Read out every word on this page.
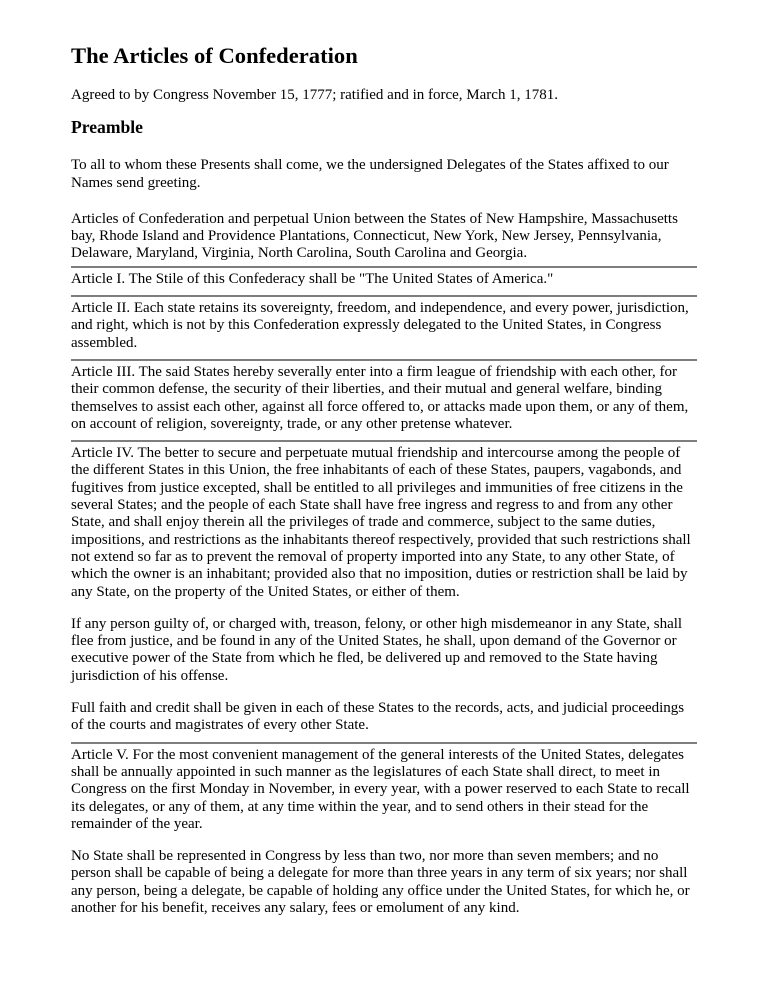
The Articles of Confederation

Agreed to by Congress November 15, 1777; ratified and in force, March 1, 1781.

Preamble

To all to whom these Presents shall come, we the undersigned Delegates of the States affixed to our Names send greeting.

Articles of Confederation and perpetual Union between the States of New Hampshire, Massachusetts bay, Rhode Island and Providence Plantations, Connecticut, New York, New Jersey, Pennsylvania, Delaware, Maryland, Virginia, North Carolina, South Carolina and Georgia.

Article I. The Stile of this Confederacy shall be "The United States of America."

Article II. Each state retains its sovereignty, freedom, and independence, and every power, jurisdiction, and right, which is not by this Confederation expressly delegated to the United States, in Congress assembled.

Article III. The said States hereby severally enter into a firm league of friendship with each other, for their common defense, the security of their liberties, and their mutual and general welfare, binding themselves to assist each other, against all force offered to, or attacks made upon them, or any of them, on account of religion, sovereignty, trade, or any other pretense whatever.

Article IV. The better to secure and perpetuate mutual friendship and intercourse among the people of the different States in this Union, the free inhabitants of each of these States, paupers, vagabonds, and fugitives from justice excepted, shall be entitled to all privileges and immunities of free citizens in the several States; and the people of each State shall have free ingress and regress to and from any other State, and shall enjoy therein all the privileges of trade and commerce, subject to the same duties, impositions, and restrictions as the inhabitants thereof respectively, provided that such restrictions shall not extend so far as to prevent the removal of property imported into any State, to any other State, of which the owner is an inhabitant; provided also that no imposition, duties or restriction shall be laid by any State, on the property of the United States, or either of them.

If any person guilty of, or charged with, treason, felony, or other high misdemeanor in any State, shall flee from justice, and be found in any of the United States, he shall, upon demand of the Governor or executive power of the State from which he fled, be delivered up and removed to the State having jurisdiction of his offense.

Full faith and credit shall be given in each of these States to the records, acts, and judicial proceedings of the courts and magistrates of every other State.

Article V. For the most convenient management of the general interests of the United States, delegates shall be annually appointed in such manner as the legislatures of each State shall direct, to meet in Congress on the first Monday in November, in every year, with a power reserved to each State to recall its delegates, or any of them, at any time within the year, and to send others in their stead for the remainder of the year.

No State shall be represented in Congress by less than two, nor more than seven members; and no person shall be capable of being a delegate for more than three years in any term of six years; nor shall any person, being a delegate, be capable of holding any office under the United States, for which he, or another for his benefit, receives any salary, fees or emolument of any kind.
